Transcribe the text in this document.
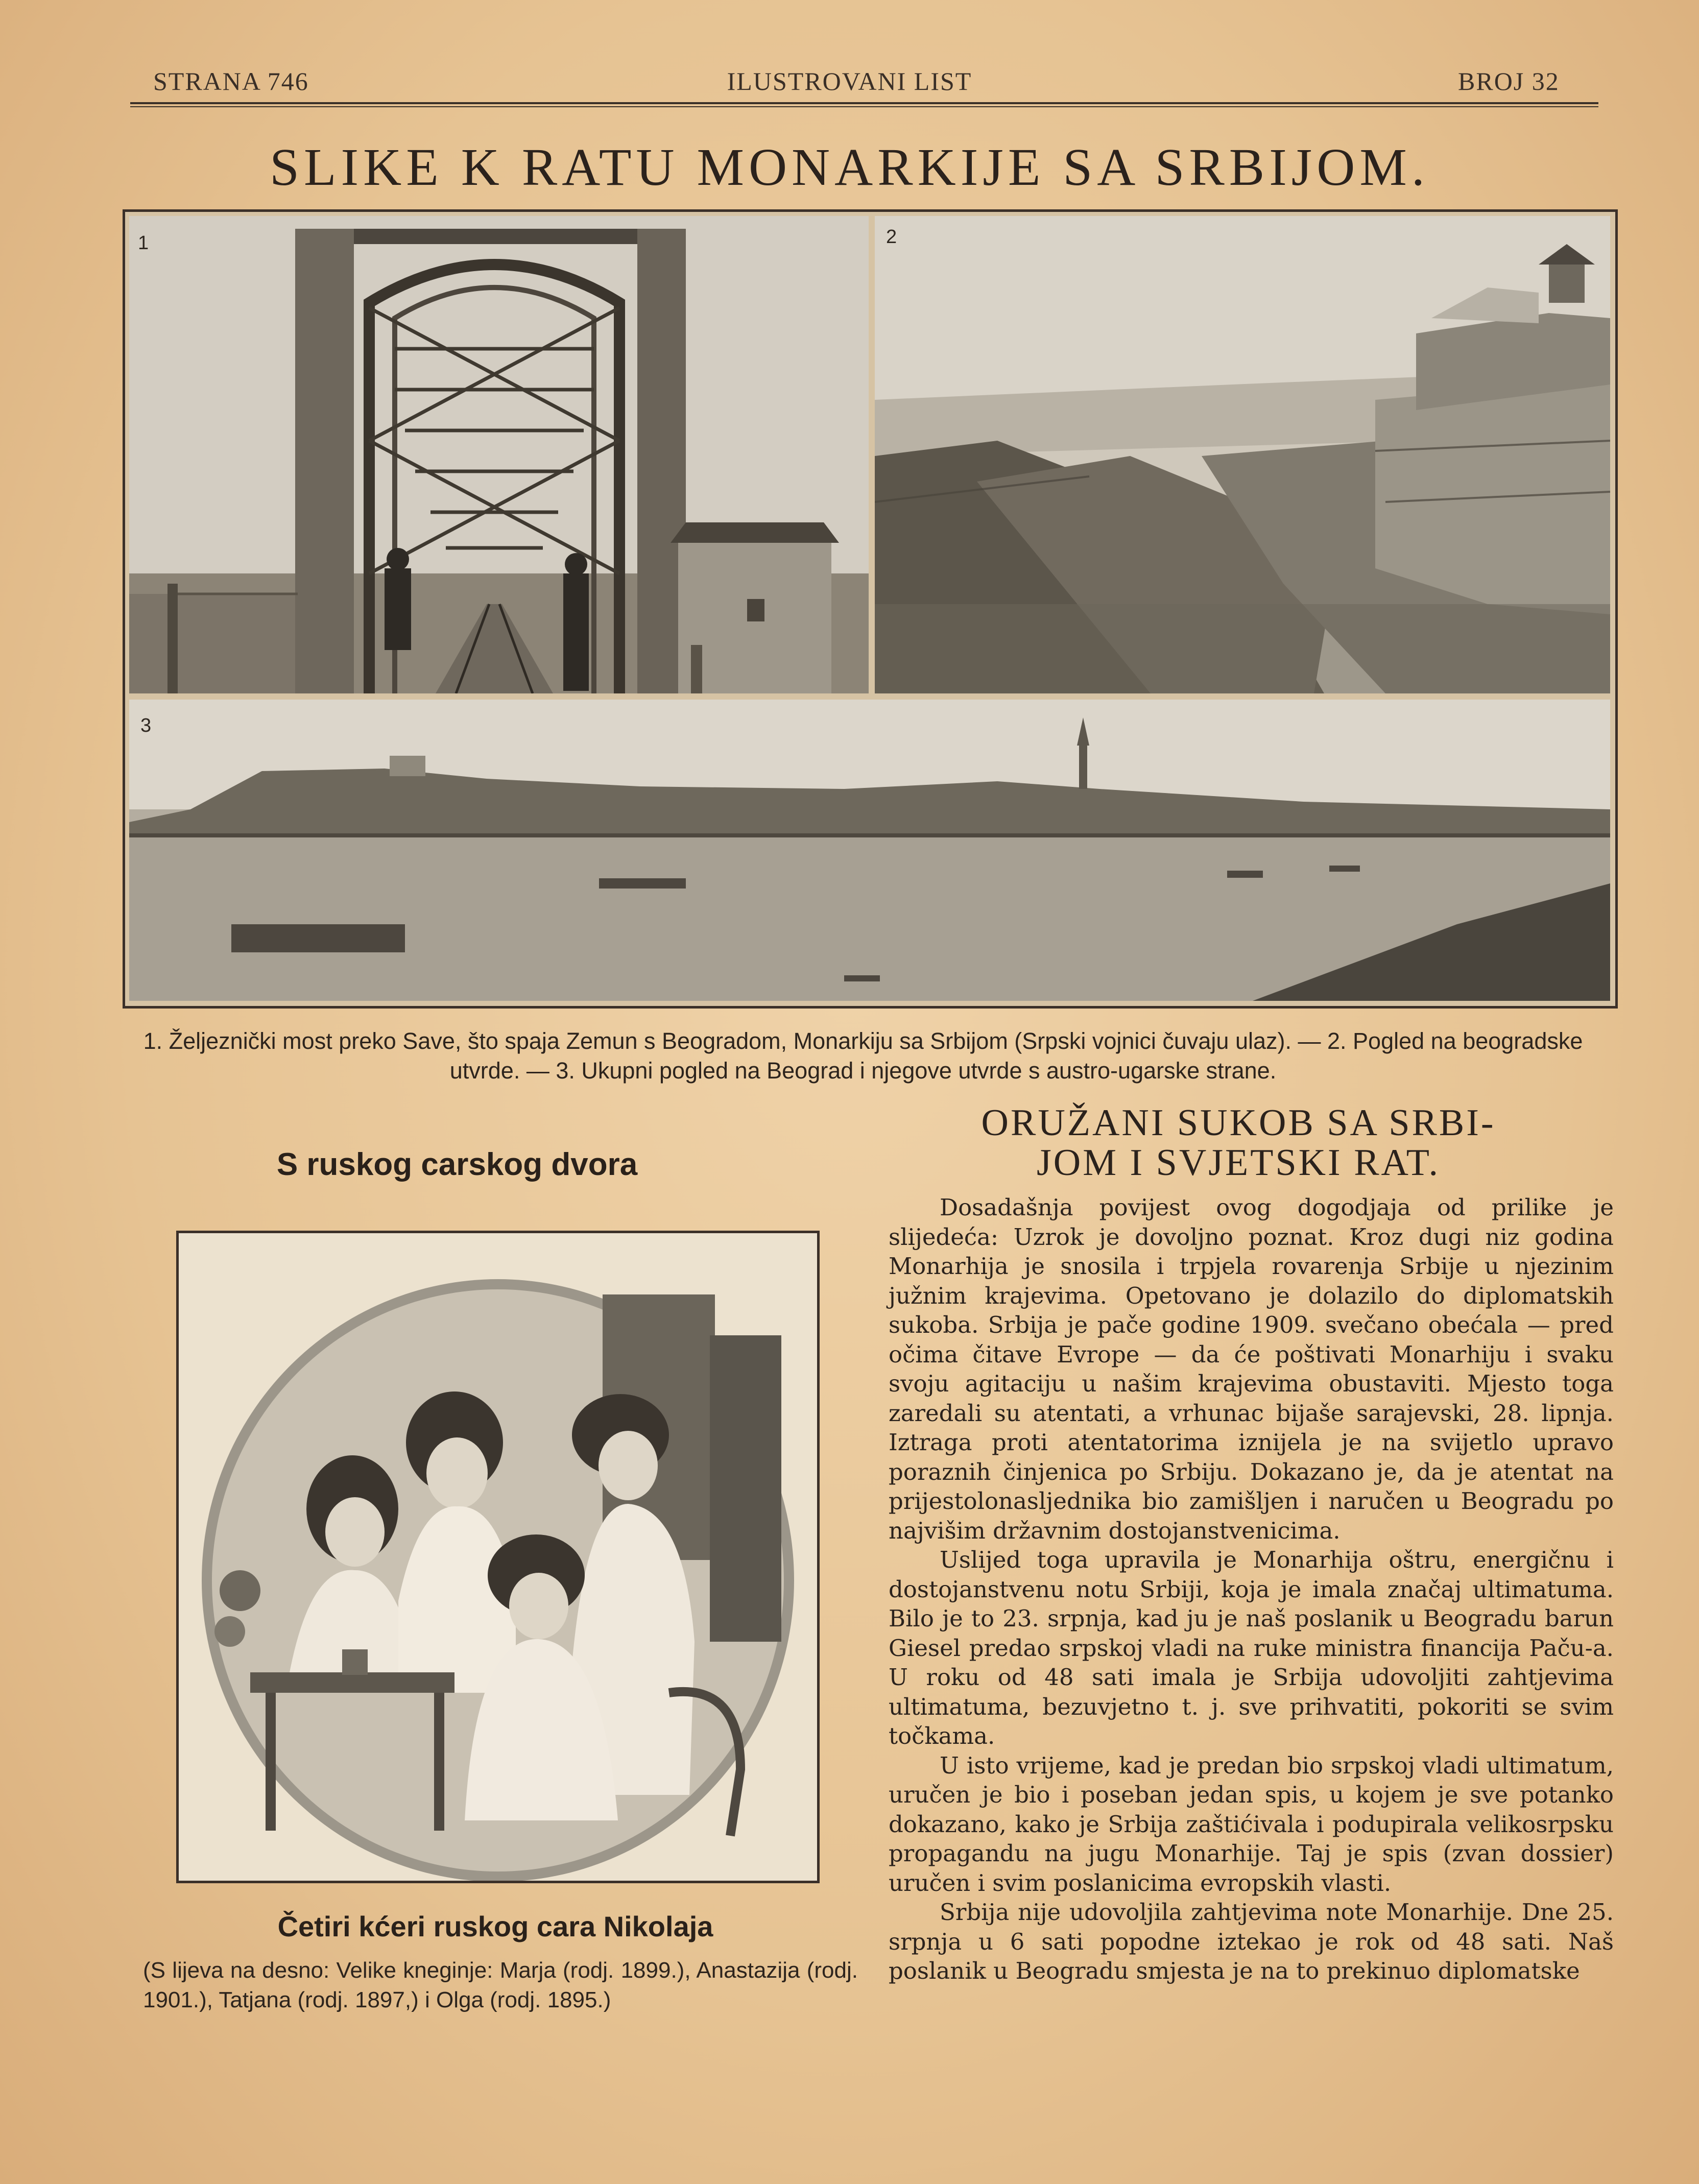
STRANA 746	ILUSTROVANI LIST	BROJ 32
SLIKE K RATU MONARKIJE SA SRBIJOM.
1	2
3
1. Željeznički most preko Save, što spaja Zemun s Beogradom, Monarkiju sa Srbijom (Srpski vojnici čuvaju ulaz). — 2. Pogled na beogradske utvrde. — 3. Ukupni pogled na Beograd i njegove utvrde s austro-ugarske strane.
S ruskog carskog dvora
Četiri kćeri ruskog cara Nikolaja
(S lijeva na desno: Velike kneginje: Marja (rodj. 1899.), Anastazija (rodj. 1901.), Tatjana (rodj. 1897,) i Olga (rodj. 1895.)
ORUŽANI SUKOB SA SRBI-
JOM I SVJETSKI RAT.

Dosadašnja povijest ovog dogodjaja od prilike je slijedeća: Uzrok je dovoljno poznat. Kroz dugi niz godina Monarhija je snosila i trpjela rovarenja Srbije u njezinim južnim krajevima. Opetovano je dolazilo do diplomatskih sukoba. Srbija je pače godine 1909. svečano obećala — pred očima čitave Evrope — da će poštivati Monarhiju i svaku svoju agitaciju u našim krajevima obustaviti. Mjesto toga zaredali su atentati, a vrhunac bijaše sarajevski, 28. lipnja. Iztraga proti atentatorima iznijela je na svijetlo upravo poraznih činjenica po Srbiju. Dokazano je, da je atentat na prijestolonasljednika bio zamišljen i naručen u Beogradu po najvišim državnim dostojanstvenicima.

Uslijed toga upravila je Monarhija oštru, energičnu i dostojanstvenu notu Srbiji, koja je imala značaj ultimatuma. Bilo je to 23. srpnja, kad ju je naš poslanik u Beogradu barun Giesel predao srpskoj vladi na ruke ministra financija Paču-a. U roku od 48 sati imala je Srbija udovoljiti zahtjevima ultimatuma, bezuvjetno t. j. sve prihvatiti, pokoriti se svim točkama.

U isto vrijeme, kad je predan bio srpskoj vladi ultimatum, uručen je bio i poseban jedan spis, u kojem je sve potanko dokazano, kako je Srbija zaštićivala i podupirala velikosrpsku propagandu na jugu Monarhije. Taj je spis (zvan dossier) uručen i svim poslanicima evropskih vlasti.

Srbija nije udovoljila zahtjevima note Monarhije. Dne 25. srpnja u 6 sati popodne iztekao je rok od 48 sati. Naš poslanik u Beogradu smjesta je na to prekinuo diplomatske
